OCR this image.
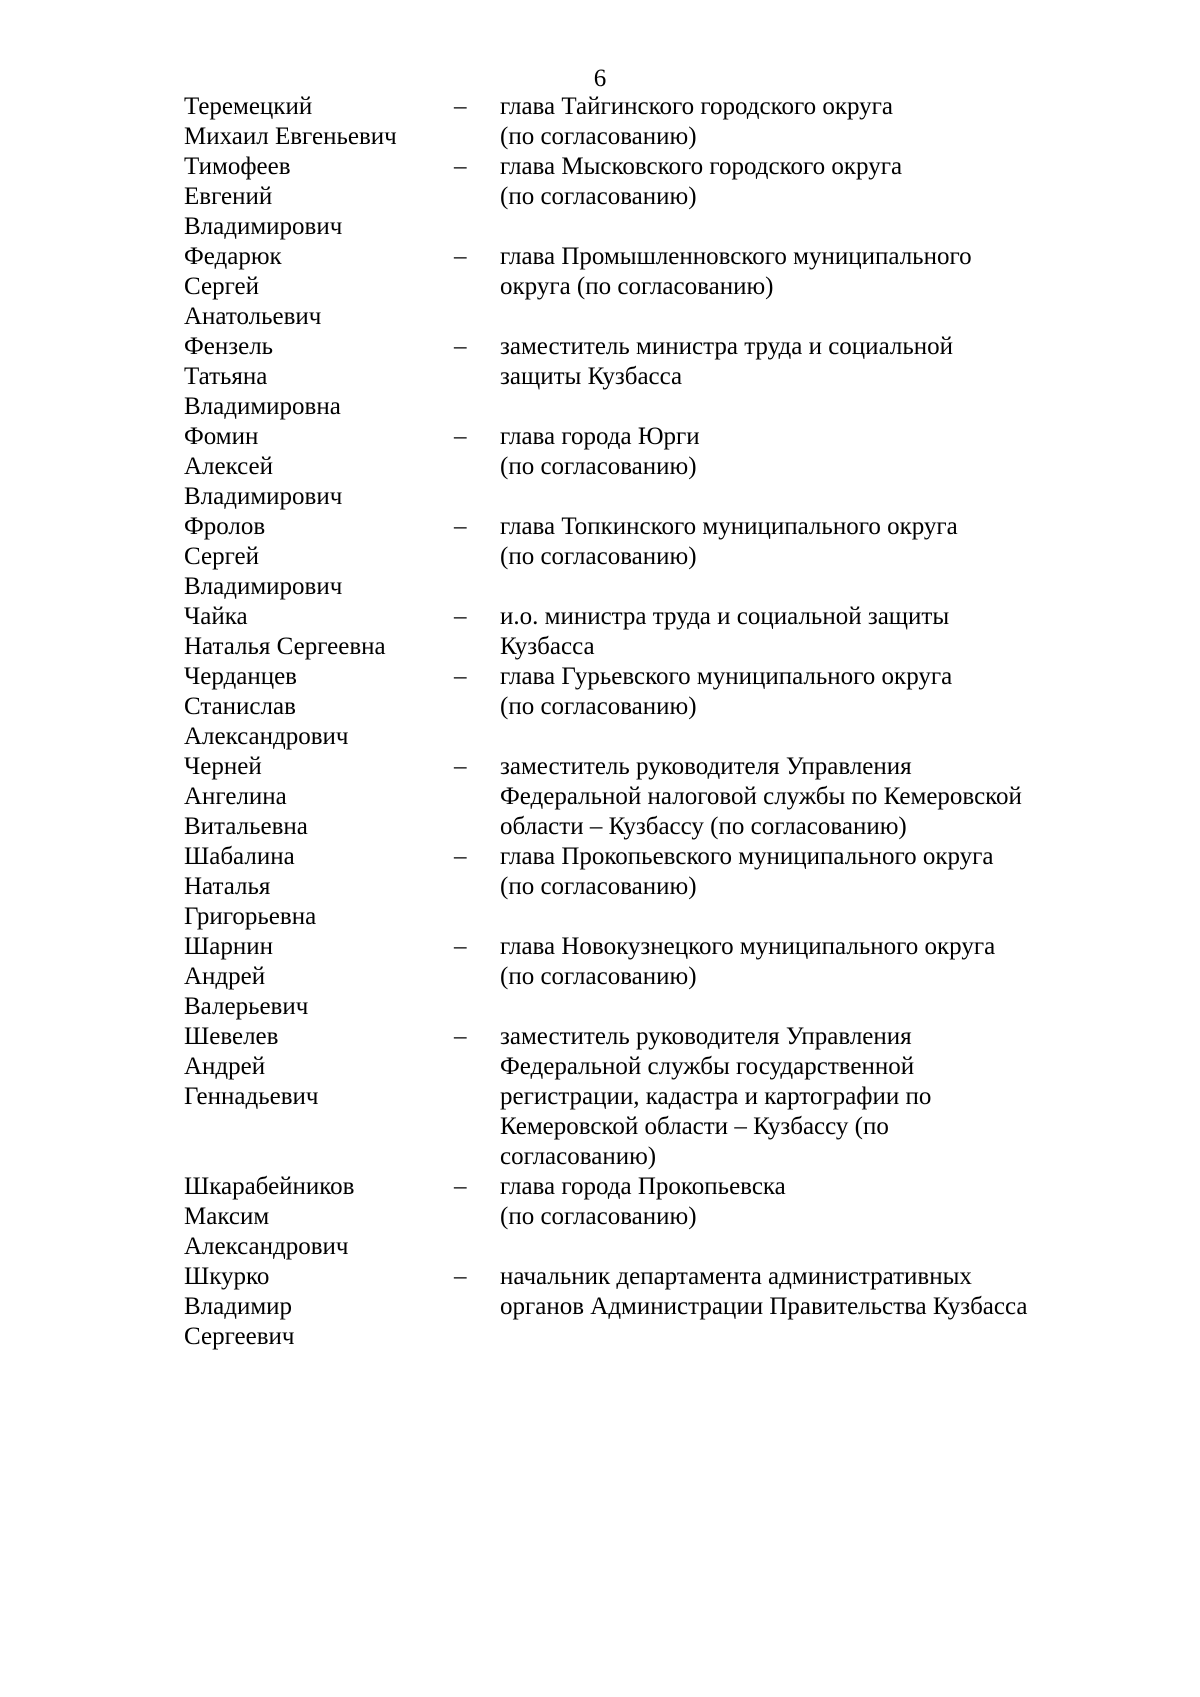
6
Теремецкий
Михаил Евгеньевич
–	глава Тайгинского городского округа
(по согласованию)
Тимофеев
Евгений
Владимирович
–	глава Мысковского городского округа
(по согласованию)
Федарюк
Сергей
Анатольевич
–	глава Промышленновского муниципального
округа (по согласованию)
Фензель
Татьяна
Владимировна
–	заместитель министра труда и социальной
защиты Кузбасса
Фомин
Алексей
Владимирович
–	глава города Юрги
(по согласованию)
Фролов
Сергей
Владимирович
–	глава Топкинского муниципального округа
(по согласованию)
Чайка
Наталья Сергеевна
–	и.о. министра труда и социальной защиты
Кузбасса
Черданцев
Станислав
Александрович
–	глава Гурьевского муниципального округа
(по согласованию)
Черней
Ангелина
Витальевна
–	заместитель руководителя Управления
Федеральной налоговой службы по Кемеровской
области – Кузбассу (по согласованию)
Шабалина
Наталья
Григорьевна
–	глава Прокопьевского муниципального округа
(по согласованию)
Шарнин
Андрей
Валерьевич
–	глава Новокузнецкого муниципального округа
(по согласованию)
Шевелев
Андрей
Геннадьевич
–	заместитель руководителя Управления
Федеральной службы государственной
регистрации, кадастра и картографии по
Кемеровской области – Кузбассу (по
согласованию)
Шкарабейников
Максим
Александрович
–	глава города Прокопьевска
(по согласованию)
Шкурко
Владимир
Сергеевич
–	начальник департамента административных
органов Администрации Правительства Кузбасса
